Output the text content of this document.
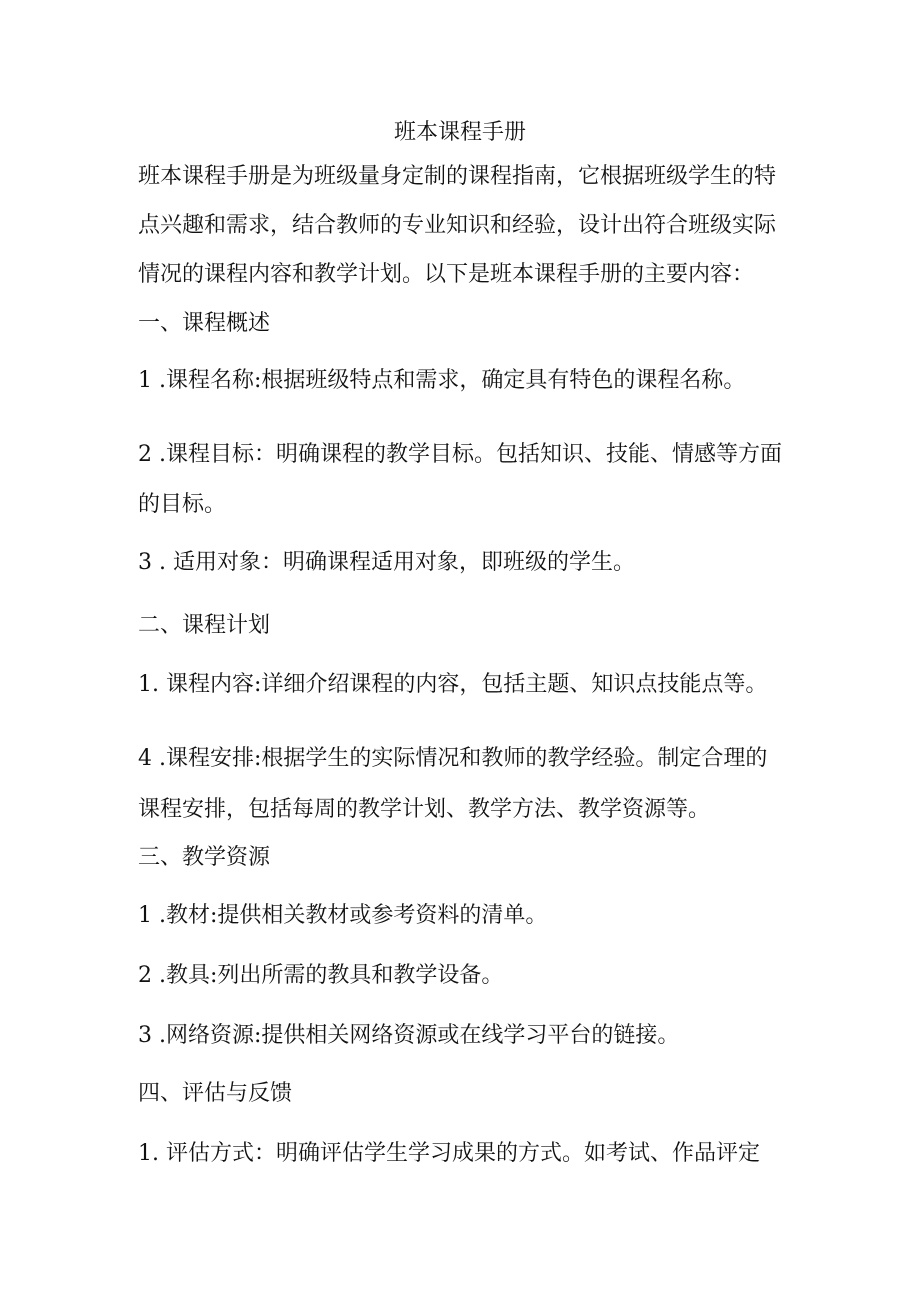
班本课程手册
班本课程手册是为班级量身定制的课程指南，它根据班级学生的特
点兴趣和需求，结合教师的专业知识和经验，设计出符合班级实际
情况的课程内容和教学计划。以下是班本课程手册的主要内容：
一、课程概述
1 .课程名称:根据班级特点和需求，确定具有特色的课程名称。
2 .课程目标：明确课程的教学目标。包括知识、技能、情感等方面
的目标。
3 . 适用对象：明确课程适用对象，即班级的学生。
二、课程计划
1. 课程内容:详细介绍课程的内容，包括主题、知识点技能点等。
4 .课程安排:根据学生的实际情况和教师的教学经验。制定合理的
课程安排，包括每周的教学计划、教学方法、教学资源等。
三、教学资源
1 .教材:提供相关教材或参考资料的清单。
2 .教具:列出所需的教具和教学设备。
3 .网络资源:提供相关网络资源或在线学习平台的链接。
四、评估与反馈
1. 评估方式：明确评估学生学习成果的方式。如考试、作品评定
